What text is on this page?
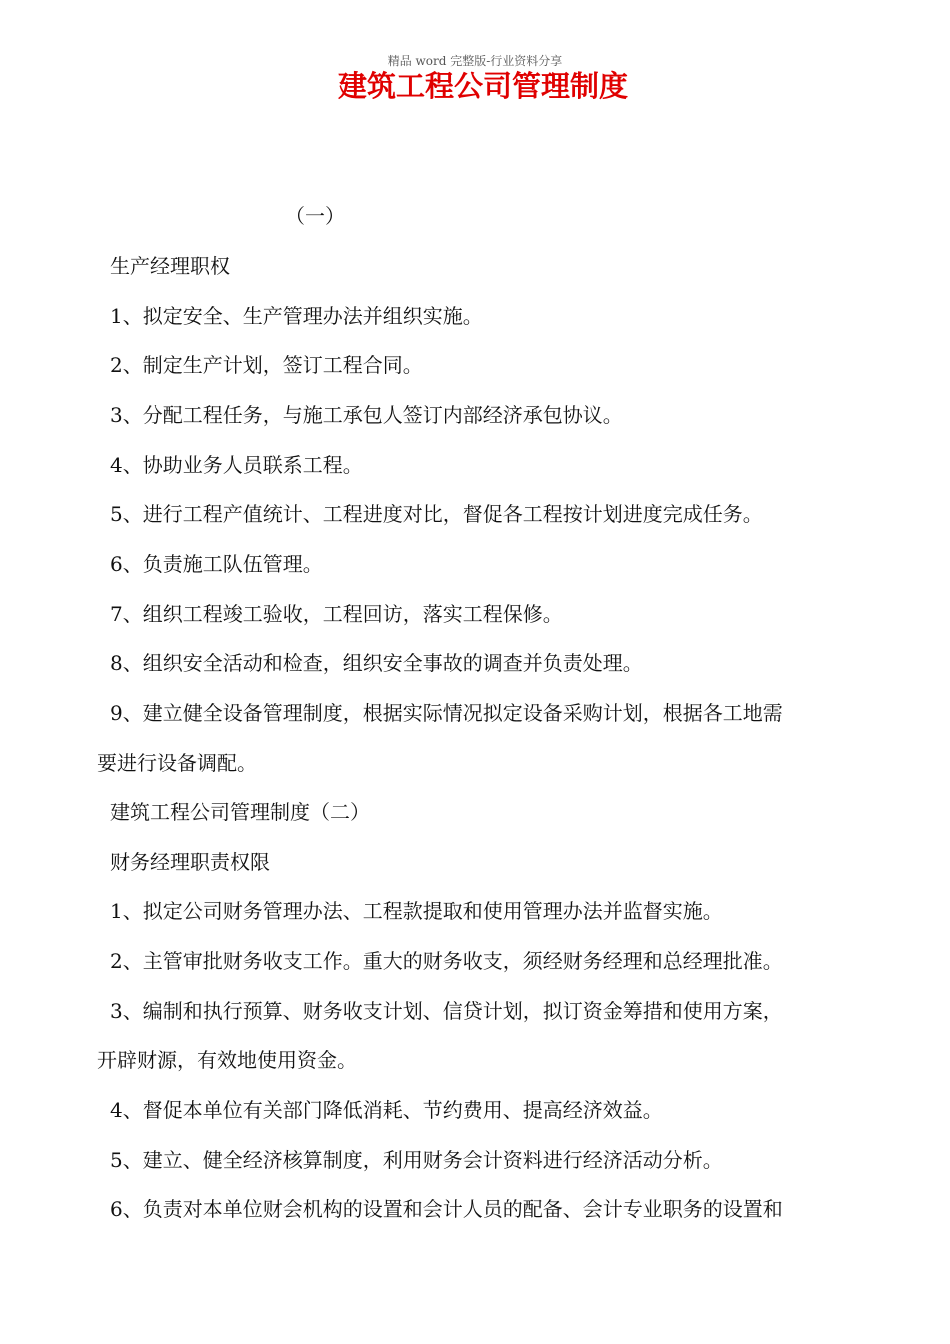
精品 word 完整版-行业资料分享
建筑工程公司管理制度
（一）
生产经理职权
1、拟定安全、生产管理办法并组织实施。
2、制定生产计划，签订工程合同。
3、分配工程任务，与施工承包人签订内部经济承包协议。
4、协助业务人员联系工程。
5、进行工程产值统计、工程进度对比，督促各工程按计划进度完成任务。
6、负责施工队伍管理。
7、组织工程竣工验收，工程回访，落实工程保修。
8、组织安全活动和检查，组织安全事故的调查并负责处理。
9、建立健全设备管理制度，根据实际情况拟定设备采购计划，根据各工地需
要进行设备调配。
建筑工程公司管理制度（二）
财务经理职责权限
1、拟定公司财务管理办法、工程款提取和使用管理办法并监督实施。
2、主管审批财务收支工作。重大的财务收支，须经财务经理和总经理批准。
3、编制和执行预算、财务收支计划、信贷计划，拟订资金筹措和使用方案，
开辟财源，有效地使用资金。
4、督促本单位有关部门降低消耗、节约费用、提高经济效益。
5、建立、健全经济核算制度，利用财务会计资料进行经济活动分析。
6、负责对本单位财会机构的设置和会计人员的配备、会计专业职务的设置和
